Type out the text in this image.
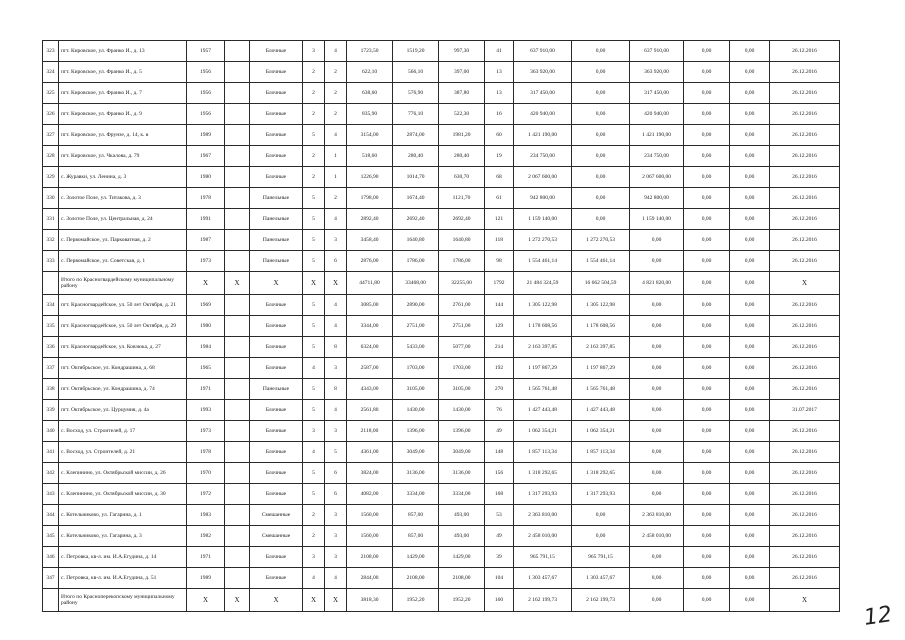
323	пгт. Кировское, ул. Франко И., д. 13	1957		Блочные	3	4	1723,50	1519,20	997,30	41	637 910,00	0,00	637 910,00	0,00	0,00	26.12.2016
324	пгт. Кировское, ул. Франко И., д. 5	1956		Блочные	2	2	622,10	566,10	397,00	13	363 920,00	0,00	363 920,00	0,00	0,00	26.12.2016
325	пгт. Кировское, ул. Франко И., д. 7	1956		Блочные	2	2	638,60	576,90	387,80	13	317 450,00	0,00	317 450,00	0,00	0,00	26.12.2016
326	пгт. Кировское, ул. Франко И., д. 9	1956		Блочные	2	2	835,90	776,10	522,30	16	420 940,00	0,00	420 940,00	0,00	0,00	26.12.2016
327	пгт. Кировское, ул. Фрунзе, д. 14, к. в	1989		Блочные	5	4	3154,00	2874,00	1981,20	60	1 421 190,00	0,00	1 421 190,00	0,00	0,00	26.12.2016
328	пгт. Кировское, ул. Чкалова, д. 79	1967		Блочные	2	1	518,60	280,40	280,40	19	234 750,00	0,00	234 750,00	0,00	0,00	26.12.2016
329	с. Журавки, ул. Ленина, д. 3	1980		Блочные	2	1	1226,90	1014,70	630,70	68	2 067 600,00	0,00	2 067 600,00	0,00	0,00	26.12.2016
330	с. Золотое Поле, ул. Титакова, д. 3	1978		Панельные	5	2	1798,00	1674,40	1121,70	61	942 800,00	0,00	942 800,00	0,00	0,00	26.12.2016
331	с. Золотое Поле, ул. Центральная, д. 24	1991		Панельные	5	4	2892,40	2692,40	2692,40	121	1 159 140,00	0,00	1 159 140,00	0,00	0,00	26.12.2016
332	с. Первомайское, ул. Парковатная, д. 2	1987		Панельные	5	3	3458,40	1640,80	1640,80	118	1 272 270,53	1 272 270,53	0,00	0,00	0,00	26.12.2016
333	с. Первомайское, ул. Советская, д. 1	1973		Панельные	5	6	2876,00	1786,00	1786,00	98	1 554 461,14	1 554 461,14	0,00	0,00	0,00	26.12.2016
	Итого по Красногвардейскому муниципальному району	X	X	X	X	X	44711,80	33468,00	32255,00	1792	21 484 324,59	16 662 504,59	4 821 820,00	0,00	0,00	X
334	пгт. Красногвардейское, ул. 50 лет Октября, д. 21	1969		Блочные	5	4	3085,00	2890,00	2761,00	144	1 305 122,98	1 305 122,98	0,00	0,00	0,00	26.12.2016
335	пгт. Красногвардейское, ул. 50 лет Октября, д. 29	1980		Блочные	5	4	3344,00	2751,00	2751,00	129	1 178 608,56	1 178 608,56	0,00	0,00	0,00	26.12.2016
336	пгт. Красногвардейское, ул. Ковзюка, д. 27	1984		Блочные	5	8	6324,00	5433,00	5077,00	214	2 163 397,85	2 163 397,85	0,00	0,00	0,00	26.12.2016
337	пгт. Октябрьское, ул. Кондрашина, д. 68	1965		Блочные	4	3	2587,00	1703,00	1703,00	192	1 197 867,29	1 197 867,29	0,00	0,00	0,00	26.12.2016
338	пгт. Октябрьское, ул. Кондрашина, д. 74	1971		Панельные	5	8	4343,00	3105,00	3105,00	270	1 565 761,48	1 565 761,48	0,00	0,00	0,00	26.12.2016
339	пгт. Октябрьское, ул. Цурцумия, д. 4а	1993		Блочные	5	4	2561,80	1430,00	1430,00	76	1 427 443,48	1 427 443,48	0,00	0,00	0,00	31.07.2017
340	с. Восход, ул. Строителей, д. 17	1973		Блочные	3	3	2118,00	1396,00	1396,00	49	1 062 354,21	1 062 354,21	0,00	0,00	0,00	26.12.2016
341	с. Восход, ул. Строителей, д. 21	1978		Блочные	4	5	4361,00	3049,00	3049,00	148	1 857 113,34	1 857 113,34	0,00	0,00	0,00	26.12.2016
342	с. Клепинино, ул. Октябрьской миссии, д. 26	1970		Блочные	5	6	3824,00	3136,00	3136,00	156	1 318 292,65	1 318 292,65	0,00	0,00	0,00	26.12.2016
343	с. Клепинино, ул. Октябрьской миссии, д. 30	1972		Блочные	5	6	4082,00	3334,00	3334,00	168	1 317 293,93	1 317 293,93	0,00	0,00	0,00	26.12.2016
344	с. Котельниково, ул. Гагарина, д. 1	1983		Смешанные	2	3	1560,00	857,00	493,00	53	2 363 810,00	0,00	2 363 810,00	0,00	0,00	26.12.2016
345	с. Котельниково, ул. Гагарина, д. 3	1982		Смешанные	2	3	1560,00	857,00	493,00	49	2 458 010,00	0,00	2 458 010,00	0,00	0,00	26.12.2016
346	с. Петровка, кв-л. им. И.А.Егудина, д. 14	1971		Блочные	3	3	2108,00	1429,00	1429,00	39	965 791,15	965 791,15	0,00	0,00	0,00	26.12.2016
347	с. Петровка, кв-л. им. И.А.Егудина, д. 51	1989		Блочные	4	4	2844,00	2108,00	2108,00	104	1 303 457,67	1 303 457,67	0,00	0,00	0,00	26.12.2016
	Итого по Красноперекопскому муниципальному району	X	X	X	X	X	3818,30	1952,20	1952,20	160	2 162 199,73	2 162 199,73	0,00	0,00	0,00	X
12
